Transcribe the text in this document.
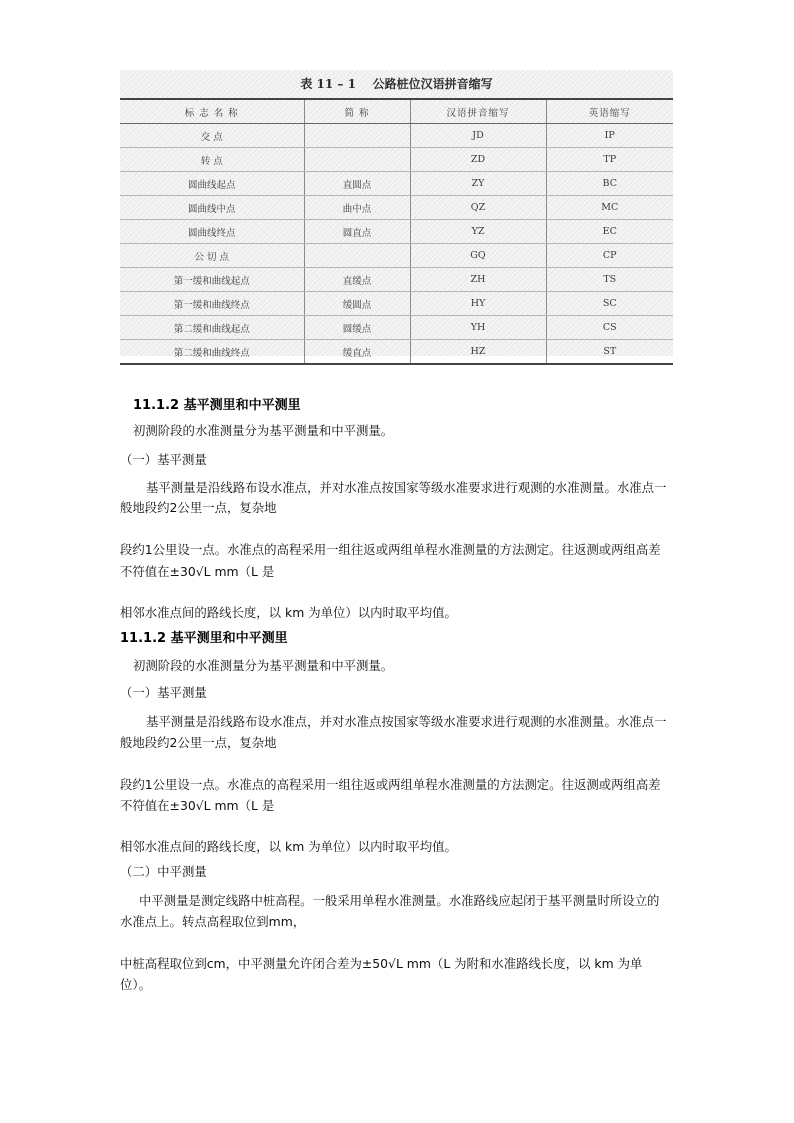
表 11 – 1    公路桩位汉语拼音缩写
标 志 名 称	简 称	汉语拼音缩写	英语缩写
交 点		JD	IP
转 点		ZD	TP
圆曲线起点	直圆点	ZY	BC
圆曲线中点	曲中点	QZ	MC
圆曲线终点	圆直点	YZ	EC
公 切 点		GQ	CP
第一缓和曲线起点	直缓点	ZH	TS
第一缓和曲线终点	缓圆点	HY	SC
第二缓和曲线起点	圆缓点	YH	CS
第二缓和曲线终点	缓直点	HZ	ST
11.1.2 基平测里和中平测里
初测阶段的水准测量分为基平测量和中平测量。
（一）基平测量
基平测量是沿线路布设水准点，并对水准点按国家等级水准要求进行观测的水准测量。水准点一
般地段约2公里一点，复杂地
段约1公里设一点。水准点的高程采用一组往返或两组单程水准测量的方法测定。往返测或两组高差
不符值在±30√L mm（L 是
相邻水准点间的路线长度，以 km 为单位）以内时取平均值。
11.1.2 基平测里和中平测里
初测阶段的水准测量分为基平测量和中平测量。
（一）基平测量
基平测量是沿线路布设水准点，并对水准点按国家等级水准要求进行观测的水准测量。水准点一
般地段约2公里一点，复杂地
段约1公里设一点。水准点的高程采用一组往返或两组单程水准测量的方法测定。往返测或两组高差
不符值在±30√L mm（L 是
相邻水准点间的路线长度，以 km 为单位）以内时取平均值。
（二）中平测量
中平测量是测定线路中桩高程。一般采用单程水准测量。水准路线应起闭于基平测量时所设立的
水准点上。转点高程取位到mm，
中桩高程取位到cm，中平测量允许闭合差为±50√L mm（L 为附和水准路线长度，以 km 为单
位）。
